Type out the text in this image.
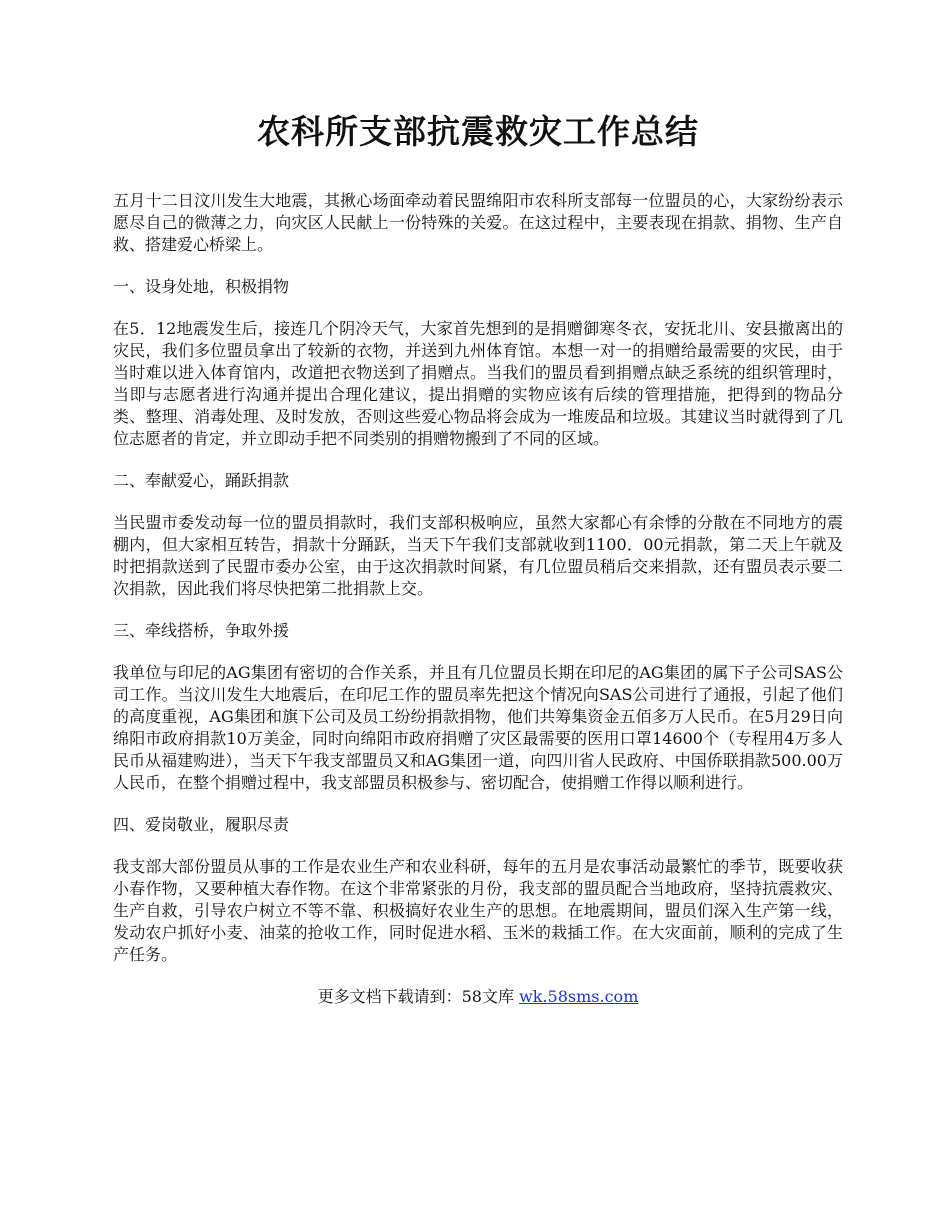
农科所支部抗震救灾工作总结

五月十二日汶川发生大地震，其揪心场面牵动着民盟绵阳市农科所支部每一位盟员的心，大家纷纷表示愿尽自己的微薄之力，向灾区人民献上一份特殊的关爱。在这过程中，主要表现在捐款、捐物、生产自救、搭建爱心桥梁上。

一、设身处地，积极捐物

在5．12地震发生后，接连几个阴冷天气，大家首先想到的是捐赠御寒冬衣，安抚北川、安县撤离出的灾民，我们多位盟员拿出了较新的衣物，并送到九州体育馆。本想一对一的捐赠给最需要的灾民，由于当时难以进入体育馆内，改道把衣物送到了捐赠点。当我们的盟员看到捐赠点缺乏系统的组织管理时，当即与志愿者进行沟通并提出合理化建议，提出捐赠的实物应该有后续的管理措施，把得到的物品分类、整理、消毒处理、及时发放，否则这些爱心物品将会成为一堆废品和垃圾。其建议当时就得到了几位志愿者的肯定，并立即动手把不同类别的捐赠物搬到了不同的区域。

二、奉献爱心，踊跃捐款

当民盟市委发动每一位的盟员捐款时，我们支部积极响应，虽然大家都心有余悸的分散在不同地方的震棚内，但大家相互转告，捐款十分踊跃，当天下午我们支部就收到1100．00元捐款，第二天上午就及时把捐款送到了民盟市委办公室，由于这次捐款时间紧，有几位盟员稍后交来捐款，还有盟员表示要二次捐款，因此我们将尽快把第二批捐款上交。

三、牵线搭桥，争取外援

我单位与印尼的AG集团有密切的合作关系，并且有几位盟员长期在印尼的AG集团的属下子公司SAS公司工作。当汶川发生大地震后，在印尼工作的盟员率先把这个情况向SAS公司进行了通报，引起了他们的高度重视，AG集团和旗下公司及员工纷纷捐款捐物，他们共筹集资金五佰多万人民币。在5月29日向绵阳市政府捐款10万美金，同时向绵阳市政府捐赠了灾区最需要的医用口罩14600个（专程用4万多人民币从福建购进），当天下午我支部盟员又和AG集团一道，向四川省人民政府、中国侨联捐款500.00万人民币，在整个捐赠过程中，我支部盟员积极参与、密切配合，使捐赠工作得以顺利进行。

四、爱岗敬业，履职尽责

我支部大部份盟员从事的工作是农业生产和农业科研，每年的五月是农事活动最繁忙的季节，既要收获小春作物，又要种植大春作物。在这个非常紧张的月份，我支部的盟员配合当地政府，坚持抗震救灾、生产自救，引导农户树立不等不靠、积极搞好农业生产的思想。在地震期间，盟员们深入生产第一线，发动农户抓好小麦、油菜的抢收工作，同时促进水稻、玉米的栽插工作。在大灾面前，顺利的完成了生产任务。

更多文档下载请到：58文库 wk.58sms.com
